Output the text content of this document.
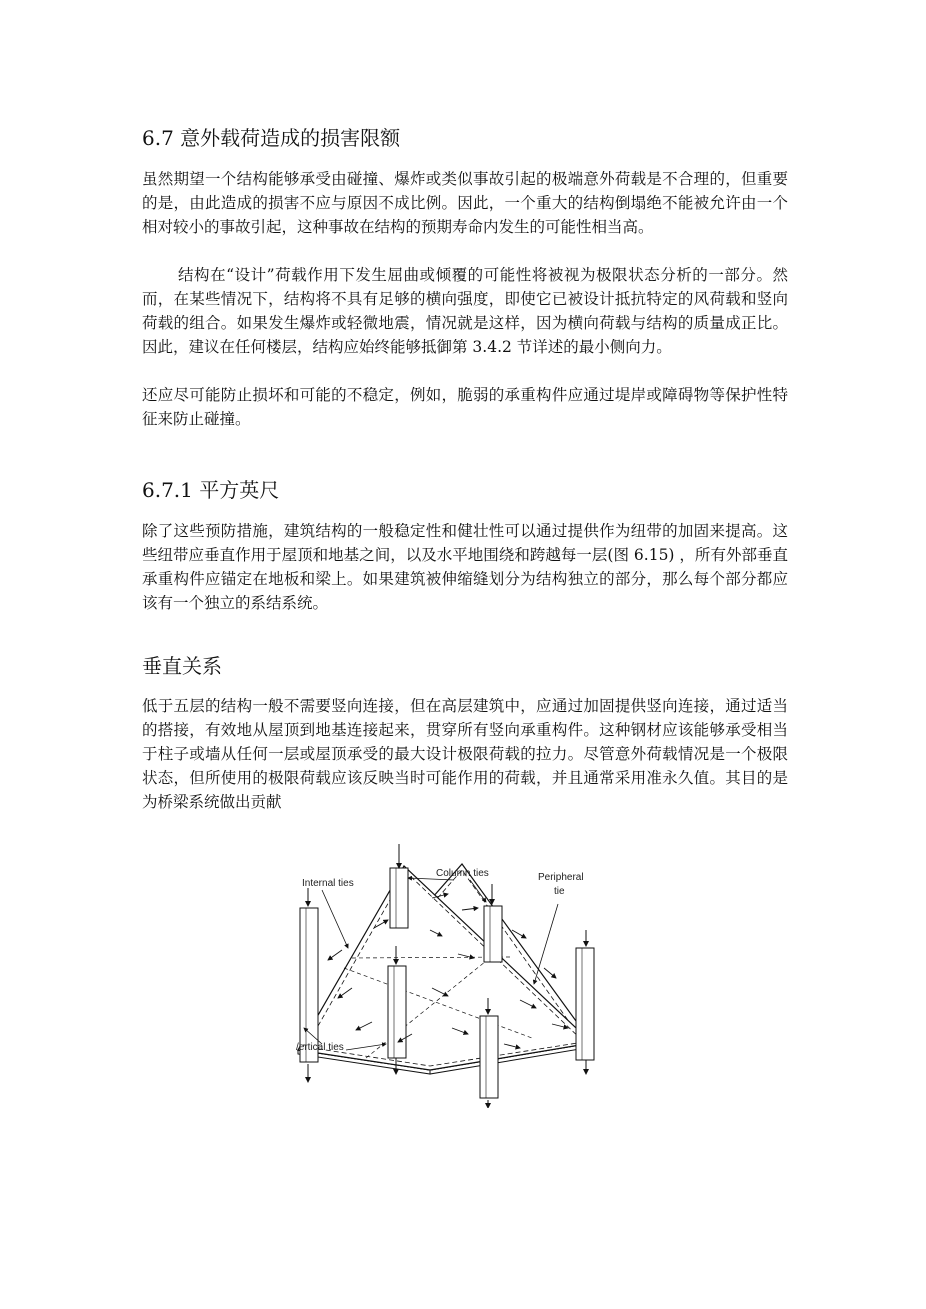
6.7 意外载荷造成的损害限额

虽然期望一个结构能够承受由碰撞、爆炸或类似事故引起的极端意外荷载是不合理的，但重要的是，由此造成的损害不应与原因不成比例。因此，一个重大的结构倒塌绝不能被允许由一个相对较小的事故引起，这种事故在结构的预期寿命内发生的可能性相当高。

结构在“设计”荷载作用下发生屈曲或倾覆的可能性将被视为极限状态分析的一部分。然而，在某些情况下，结构将不具有足够的横向强度，即使它已被设计抵抗特定的风荷载和竖向荷载的组合。如果发生爆炸或轻微地震，情况就是这样，因为横向荷载与结构的质量成正比。因此，建议在任何楼层，结构应始终能够抵御第 3.4.2 节详述的最小侧向力。

还应尽可能防止损坏和可能的不稳定，例如，脆弱的承重构件应通过堤岸或障碍物等保护性特征来防止碰撞。

6.7.1 平方英尺

除了这些预防措施，建筑结构的一般稳定性和健壮性可以通过提供作为纽带的加固来提高。这些纽带应垂直作用于屋顶和地基之间，以及水平地围绕和跨越每一层(图 6.15) ，所有外部垂直承重构件应锚定在地板和梁上。如果建筑被伸缩缝划分为结构独立的部分，那么每个部分都应该有一个独立的系结系统。

垂直关系

低于五层的结构一般不需要竖向连接，但在高层建筑中，应通过加固提供竖向连接，通过适当的搭接，有效地从屋顶到地基连接起来，贯穿所有竖向承重构件。这种钢材应该能够承受相当于柱子或墙从任何一层或屋顶承受的最大设计极限荷载的拉力。尽管意外荷载情况是一个极限状态，但所使用的极限荷载应该反映当时可能作用的荷载，并且通常采用准永久值。其目的是为桥梁系统做出贡献

Internal ties
Column ties	Peripheral
tie
/ertical ties
